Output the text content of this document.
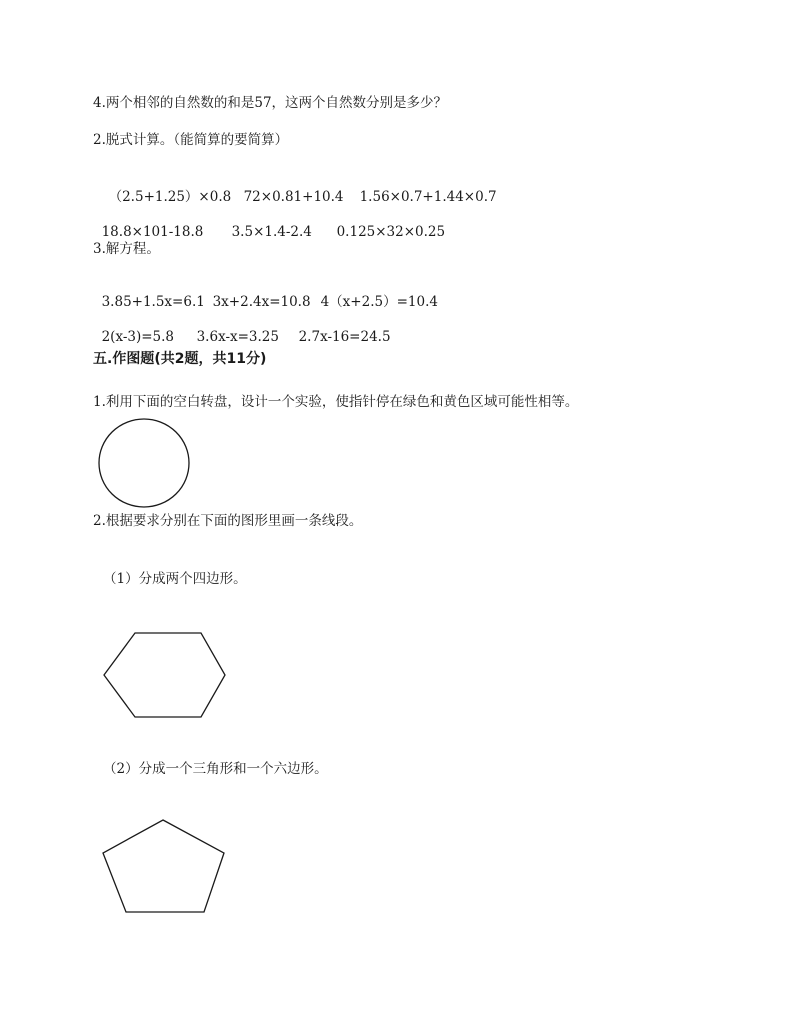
4.两个相邻的自然数的和是57，这两个自然数分别是多少？
2.脱式计算。（能简算的要简算）

（2.5+1.25）×0.8 72×0.81+10.4 1.56×0.7+1.44×0.7

18.8×101-18.8 3.5×1.4-2.4 0.125×32×0.25

3.解方程。

3.85+1.5x=6.1 3x+2.4x=10.8 4（x+2.5）=10.4

2(x-3)=5.8 3.6x-x=3.25 2.7x-16=24.5

五.作图题(共2题，共11分)
1.利用下面的空白转盘，设计一个实验，使指针停在绿色和黄色区域可能性相等。
2.根据要求分别在下面的图形里画一条线段。
（1）分成两个四边形。
（2）分成一个三角形和一个六边形。
